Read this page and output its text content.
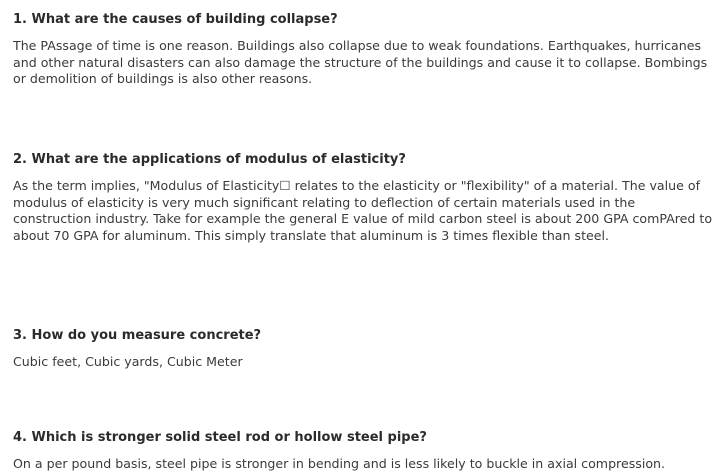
1. What are the causes of building collapse?

The PAssage of time is one reason. Buildings also collapse due to weak foundations. Earthquakes, hurricanes and other natural disasters can also damage the structure of the buildings and cause it to collapse. Bombings or demolition of buildings is also other reasons.

2. What are the applications of modulus of elasticity?

As the term implies, "Modulus of Elasticity☐ relates to the elasticity or "flexibility" of a material. The value of modulus of elasticity is very much significant relating to deflection of certain materials used in the construction industry. Take for example the general E value of mild carbon steel is about 200 GPA comPAred to about 70 GPA for aluminum. This simply translate that aluminum is 3 times flexible than steel.

3. How do you measure concrete?

Cubic feet, Cubic yards, Cubic Meter

4. Which is stronger solid steel rod or hollow steel pipe?

On a per pound basis, steel pipe is stronger in bending and is less likely to buckle in axial compression.
